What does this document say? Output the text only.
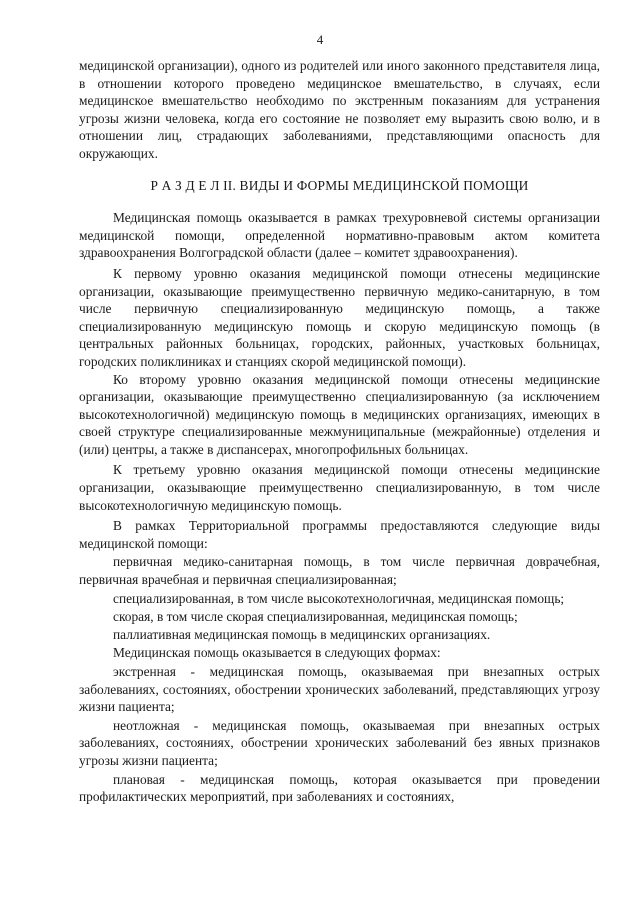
4

медицинской организации), одного из родителей или иного законного представителя лица, в отношении которого проведено медицинское вмешательство, в случаях, если медицинское вмешательство необходимо по экстренным показаниям для устранения угрозы жизни человека, когда его состояние не позволяет ему выразить свою волю, и в отношении лиц, страдающих заболеваниями, представляющими опасность для окружающих.

Р А З Д Е Л II. ВИДЫ И ФОРМЫ МЕДИЦИНСКОЙ ПОМОЩИ

Медицинская помощь оказывается в рамках трехуровневой системы организации медицинской помощи, определенной нормативно-правовым актом комитета здравоохранения Волгоградской области (далее – комитет здравоохранения).

К первому уровню оказания медицинской помощи отнесены медицинские организации, оказывающие преимущественно первичную медико-санитарную, в том числе первичную специализированную медицинскую помощь, а также специализированную медицинскую помощь и скорую медицинскую помощь (в центральных районных больницах, городских, районных, участковых больницах, городских поликлиниках и станциях скорой медицинской помощи).

Ко второму уровню оказания медицинской помощи отнесены медицинские организации, оказывающие преимущественно специализированную (за исключением высокотехнологичной) медицинскую помощь в медицинских организациях, имеющих в своей структуре специализированные межмуниципальные (межрайонные) отделения и (или) центры, а также в диспансерах, многопрофильных больницах.

К третьему уровню оказания медицинской помощи отнесены медицинские организации, оказывающие преимущественно специализированную, в том числе высокотехнологичную медицинскую помощь.

В рамках Территориальной программы предоставляются следующие виды медицинской помощи:

первичная медико-санитарная помощь, в том числе первичная доврачебная, первичная врачебная и первичная специализированная;

специализированная, в том числе высокотехнологичная, медицинская помощь;

скорая, в том числе скорая специализированная, медицинская помощь;

паллиативная медицинская помощь в медицинских организациях.

Медицинская помощь оказывается в следующих формах:

экстренная - медицинская помощь, оказываемая при внезапных острых заболеваниях, состояниях, обострении хронических заболеваний, представляющих угрозу жизни пациента;

неотложная - медицинская помощь, оказываемая при внезапных острых заболеваниях, состояниях, обострении хронических заболеваний без явных признаков угрозы жизни пациента;

плановая - медицинская помощь, которая оказывается при проведении профилактических мероприятий, при заболеваниях и состояниях,
